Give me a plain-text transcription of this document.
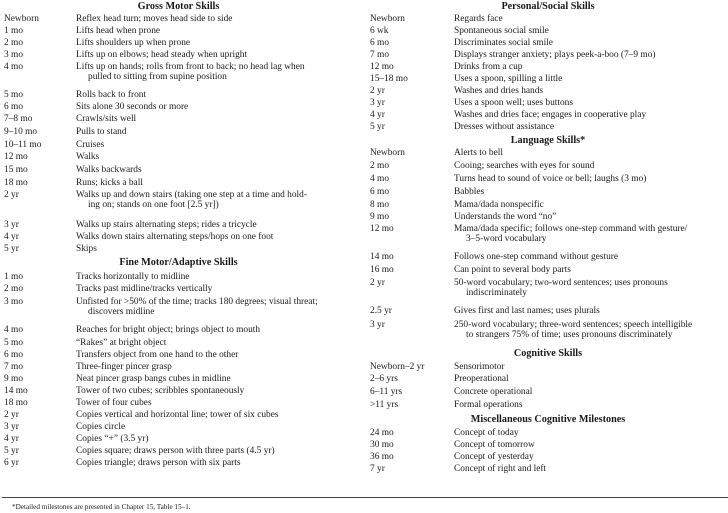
Gross Motor Skills
Newborn	Reflex head turn; moves head side to side
1 mo	Lifts head when prone
2 mo	Lifts shoulders up when prone
3 mo	Lifts up on elbows; head steady when upright
4 mo	Lifts up on hands; rolls from front to back; no head lag when
pulled to sitting from supine position
5 mo	Rolls back to front
6 mo	Sits alone 30 seconds or more
7–8 mo	Crawls/sits well
9–10 mo	Pulls to stand
10–11 mo	Cruises
12 mo	Walks
15 mo	Walks backwards
18 mo	Runs; kicks a ball
2 yr	Walks up and down stairs (taking one step at a time and hold-
ing on; stands on one foot [2.5 yr])
3 yr	Walks up stairs alternating steps; rides a tricycle
4 yr	Walks down stairs alternating steps/hops on one foot
5 yr	Skips
Fine Motor/Adaptive Skills
1 mo	Tracks horizontally to midline
2 mo	Tracks past midline/tracks vertically
3 mo	Unfisted for >50% of the time; tracks 180 degrees; visual threat;
discovers midline
4 mo	Reaches for bright object; brings object to mouth
5 mo	“Rakes” at bright object
6 mo	Transfers object from one hand to the other
7 mo	Three-finger pincer grasp
9 mo	Neat pincer grasp bangs cubes in midline
14 mo	Tower of two cubes; scribbles spontaneously
18 mo	Tower of four cubes
2 yr	Copies vertical and horizontal line; tower of six cubes
3 yr	Copies circle
4 yr	Copies “+” (3.5 yr)
5 yr	Copies square; draws person with three parts (4.5 yr)
6 yr	Copies triangle; draws person with six parts
Personal/Social Skills
Newborn	Regards face
6 wk	Spontaneous social smile
6 mo	Discriminates social smile
7 mo	Displays stranger anxiety; plays peek-a-boo (7–9 mo)
12 mo	Drinks from a cup
15–18 mo	Uses a spoon, spilling a little
2 yr	Washes and dries hands
3 yr	Uses a spoon well; uses buttons
4 yr	Washes and dries face; engages in cooperative play
5 yr	Dresses without assistance
Language Skills*
Newborn	Alerts to bell
2 mo	Cooing; searches with eyes for sound
4 mo	Turns head to sound of voice or bell; laughs (3 mo)
6 mo	Babbles
8 mo	Mama/dada nonspecific
9 mo	Understands the word “no”
12 mo	Mama/dada specific; follows one-step command with gesture/
3–5-word vocabulary
14 mo	Follows one-step command without gesture
16 mo	Can point to several body parts
2 yr	50-word vocabulary; two-word sentences; uses pronouns
indiscriminately
2.5 yr	Gives first and last names; uses plurals
3 yr	250-word vocabulary; three-word sentences; speech intelligible
to strangers 75% of time; uses pronouns discriminately
Cognitive Skills
Newborn–2 yr	Sensorimotor
2–6 yrs	Preoperational
6–11 yrs	Concrete operational
>11 yrs	Formal operations
Miscellaneous Cognitive Milestones
24 mo	Concept of today
30 mo	Concept of tomorrow
36 mo	Concept of yesterday
7 yr	Concept of right and left
*Detailed milestones are presented in Chapter 15, Table 15–1.
